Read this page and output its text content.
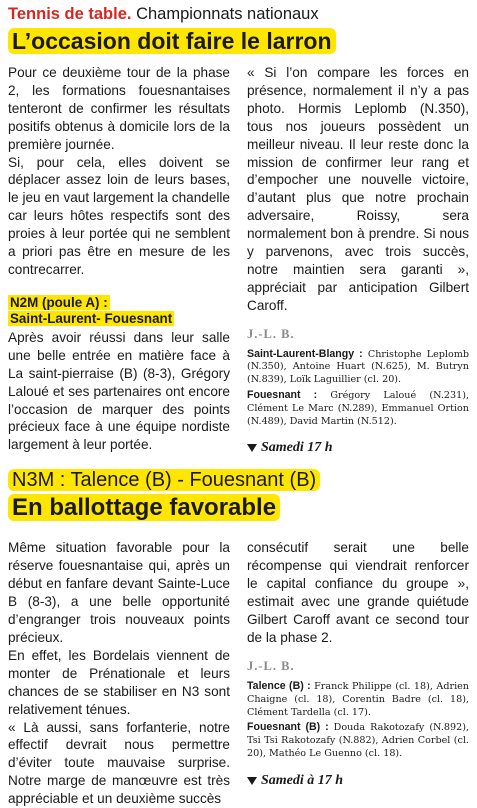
Tennis de table. Championnats nationaux
L’occasion doit faire le larron

Pour ce deuxième tour de la phase 2, les formations fouesnantaises tenteront de confirmer les résultats positifs obtenus à domicile lors de la première journée.

Si, pour cela, elles doivent se déplacer assez loin de leurs bases, le jeu en vaut largement la chandelle car leurs hôtes respectifs sont des proies à leur portée qui ne semblent a priori pas être en mesure de les contrecarrer.

N2M (poule A) :
Saint-Laurent- Fouesnant

Après avoir réussi dans leur salle une belle entrée en matière face à La saint-pierraise (B) (8-3), Grégory Laloué et ses partenaires ont encore l’occasion de marquer des points précieux face à une équipe nordiste largement à leur portée.

« Si l’on compare les forces en présence, normalement il n’y a pas photo. Hormis Leplomb (N.350), tous nos joueurs possèdent un meilleur niveau. Il leur reste donc la mission de confirmer leur rang et d’empocher une nouvelle victoire, d’autant plus que notre prochain adversaire, Roissy, sera normalement bon à prendre. Si nous y parvenons, avec trois succès, notre maintien sera garanti », appréciait par anticipation Gilbert Caroff.

J.-L. B.

Saint-Laurent-Blangy : Christophe Leplomb (N.350), Antoine Huart (N.625), M. Butryn (N.839), Loïk Laguillier (cl. 20).

Fouesnant : Grégory Laloué (N.231), Clément Le Marc (N.289), Emmanuel Ortion (N.489), David Martin (N.512).

Samedi 17 h
N3M : Talence (B) - Fouesnant (B)
En ballottage favorable

Même situation favorable pour la réserve fouesnantaise qui, après un début en fanfare devant Sainte-Luce B (8-3), a une belle opportunité d’engranger trois nouveaux points précieux.

En effet, les Bordelais viennent de monter de Prénationale et leurs chances de se stabiliser en N3 sont relativement ténues.

« Là aussi, sans forfanterie, notre effectif devrait nous permettre d’éviter toute mauvaise surprise. Notre marge de manœuvre est très appréciable et un deuxième succès

consécutif serait une belle récompense qui viendrait renforcer le capital confiance du groupe », estimait avec une grande quiétude Gilbert Caroff avant ce second tour de la phase 2.

J.-L. B.

Talence (B) : Franck Philippe (cl. 18), Adrien Chaigne (cl. 18), Corentin Badre (cl. 18), Clément Tardella (cl. 17).

Fouesnant (B) : Douda Rakotozafy (N.892), Tsi Tsi Rakotozafy (N.882), Adrien Corbel (cl. 20), Mathéo Le Guenno (cl. 18).

Samedi à 17 h
